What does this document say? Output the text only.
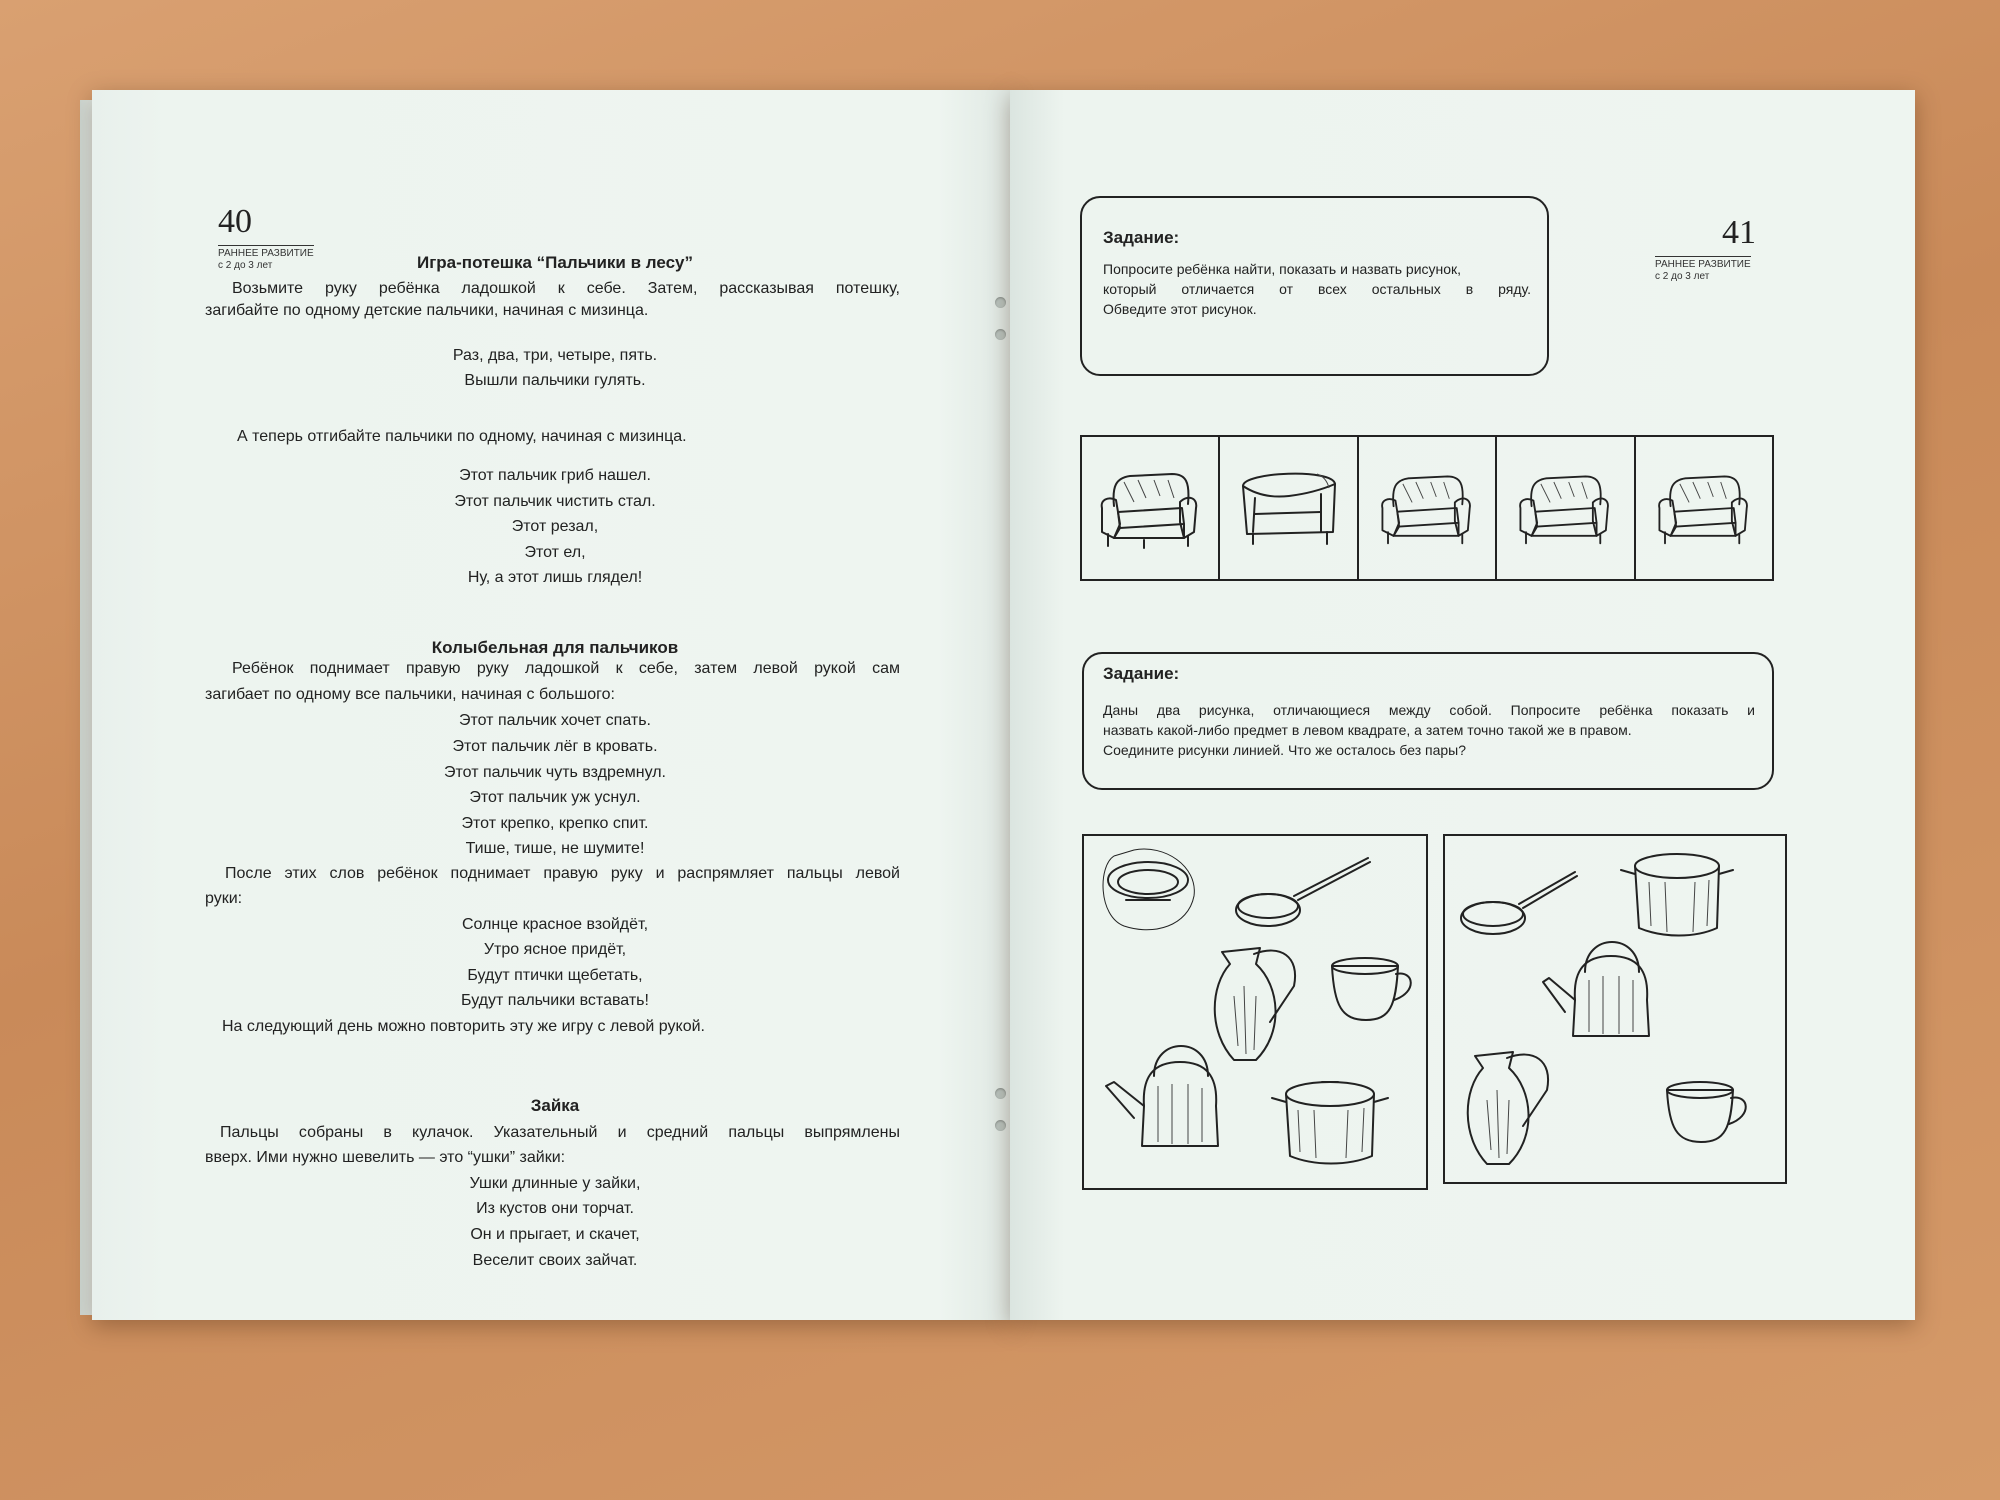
40
РАННЕЕ РАЗВИТИЕ
с 2 до 3 лет	Игра-потешка “Пальчики в лесу”
Возьмите руку ребёнка ладошкой к себе. Затем, рассказывая потешку,
загибайте по одному детские пальчики, начиная с мизинца.
Раз, два, три, четыре, пять.
Вышли пальчики гулять.
А теперь отгибайте пальчики по одному, начиная с мизинца.
Этот пальчик гриб нашел.
Этот пальчик чистить стал.
Этот резал,
Этот ел,
Ну, а этот лишь глядел!
Колыбельная для пальчиков
Ребёнок поднимает правую руку ладошкой к себе, затем левой рукой сам
загибает по одному все пальчики, начиная с большого:
Этот пальчик хочет спать.
Этот пальчик лёг в кровать.
Этот пальчик чуть вздремнул.
Этот пальчик уж уснул.
Этот крепко, крепко спит.
Тише, тише, не шумите!
После этих слов ребёнок поднимает правую руку и распрямляет пальцы левой
руки:
Солнце красное взойдёт,
Утро ясное придёт,
Будут птички щебетать,
Будут пальчики вставать!
На следующий день можно повторить эту же игру с левой рукой.
Зайка
Пальцы собраны в кулачок. Указательный и средний пальцы выпрямлены
вверх. Ими нужно шевелить — это “ушки” зайки:
Ушки длинные у зайки,
Из кустов они торчат.
Он и прыгает, и скачет,
Веселит своих зайчат.
41
РАННЕЕ РАЗВИТИЕ
с 2 до 3 лет
Задание:
Попросите ребёнка найти, показать и назвать рисунок,
который отличается от всех остальных в ряду.
Обведите этот рисунок.
Задание:
Даны два рисунка, отличающиеся между собой. Попросите ребёнка показать и
назвать какой-либо предмет в левом квадрате, а затем точно такой же в правом.
Соедините рисунки линией. Что же осталось без пары?
